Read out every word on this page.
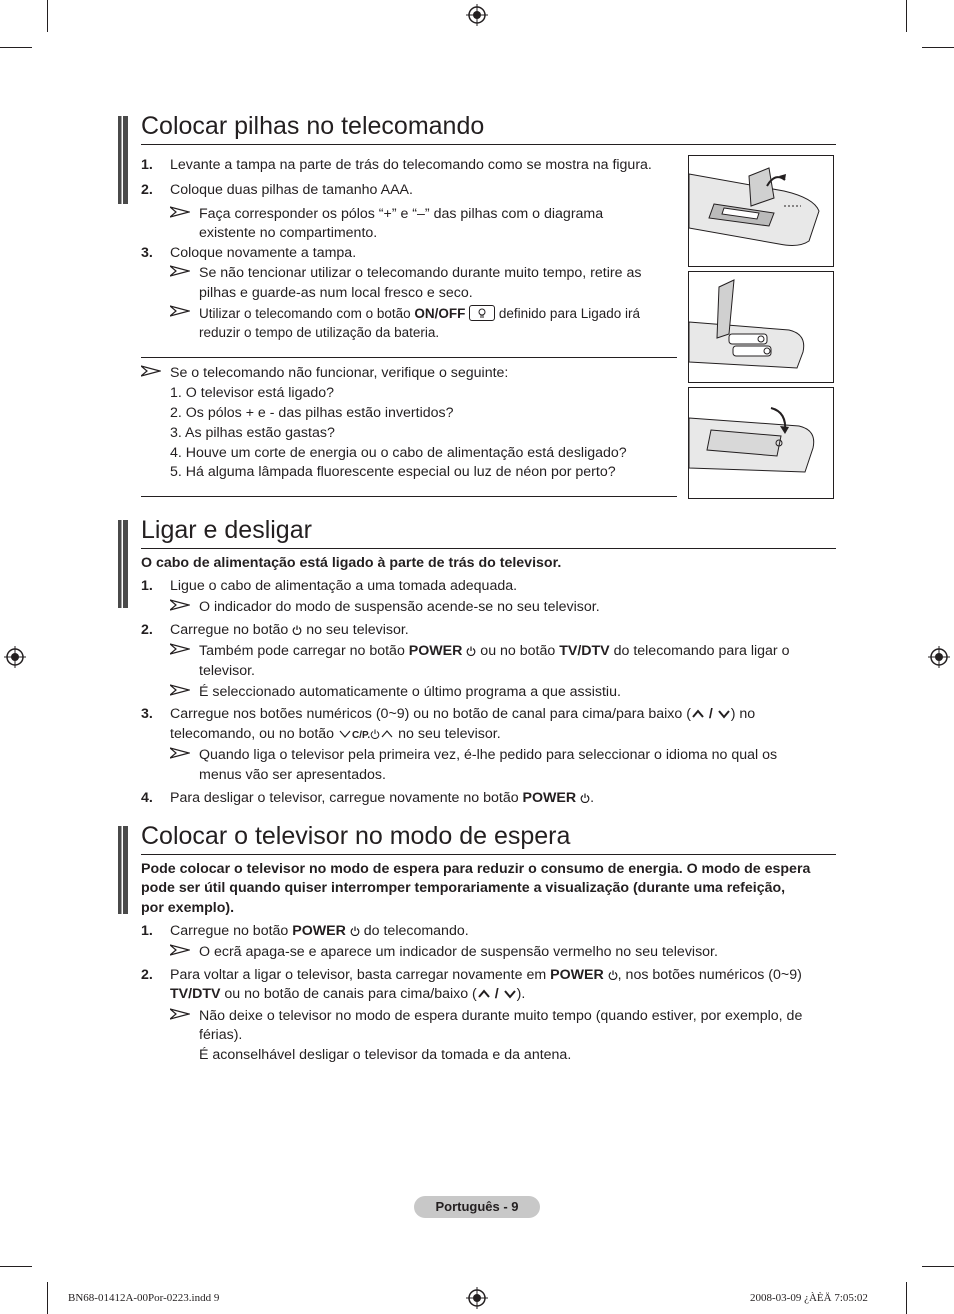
Colocar pilhas no telecomando
1. Levante a tampa na parte de trás do telecomando como se mostra na figura.
2. Coloque duas pilhas de tamanho AAA.
Faça corresponder os pólos “+” e “–” das pilhas com o diagrama
existente no compartimento.
3. Coloque novamente a tampa.
Se não tencionar utilizar o telecomando durante muito tempo, retire as
pilhas e guarde-as num local fresco e seco.
Utilizar o telecomando com o botão ON/OFF
definido para Ligado irá
reduzir o tempo de utilização da bateria.
Se o telecomando não funcionar, verifique o seguinte:
1. O televisor está ligado?
2. Os pólos + e - das pilhas estão invertidos?
3. As pilhas estão gastas?
4. Houve um corte de energia ou o cabo de alimentação está desligado?
5. Há alguma lâmpada fluorescente especial ou luz de néon por perto?
Ligar e desligar
O cabo de alimentação está ligado à parte de trás do televisor.
1. Ligue o cabo de alimentação a uma tomada adequada.
O indicador do modo de suspensão acende-se no seu televisor.
2. Carregue no botão  no seu televisor.
Também pode carregar no botão POWER  ou no botão TV/DTV do telecomando para ligar o
televisor.
É seleccionado automaticamente o último programa a que assistiu.
3. Carregue nos botões numéricos (0~9) ou no botão de canal para cima/para baixo ( / ) no
telecomando, ou no botão C/P. no seu televisor.
Quando liga o televisor pela primeira vez, é-lhe pedido para seleccionar o idioma no qual os
menus vão ser apresentados.
4. Para desligar o televisor, carregue novamente no botão POWER .
Colocar o televisor no modo de espera
Pode colocar o televisor no modo de espera para reduzir o consumo de energia. O modo de espera
pode ser útil quando quiser interromper temporariamente a visualização (durante uma refeição,
por exemplo).
1. Carregue no botão POWER  do telecomando.
O ecrã apaga-se e aparece um indicador de suspensão vermelho no seu televisor.
2. Para voltar a ligar o televisor, basta carregar novamente em POWER , nos botões numéricos (0~9)
TV/DTV ou no botão de canais para cima/baixo ( / ).
Não deixe o televisor no modo de espera durante muito tempo (quando estiver, por exemplo, de
férias).
É aconselhável desligar o televisor da tomada e da antena.
Português - 9
BN68-01412A-00Por-0223.indd 9	2008-03-09 ¿ÀÈÄ 7:05:02
